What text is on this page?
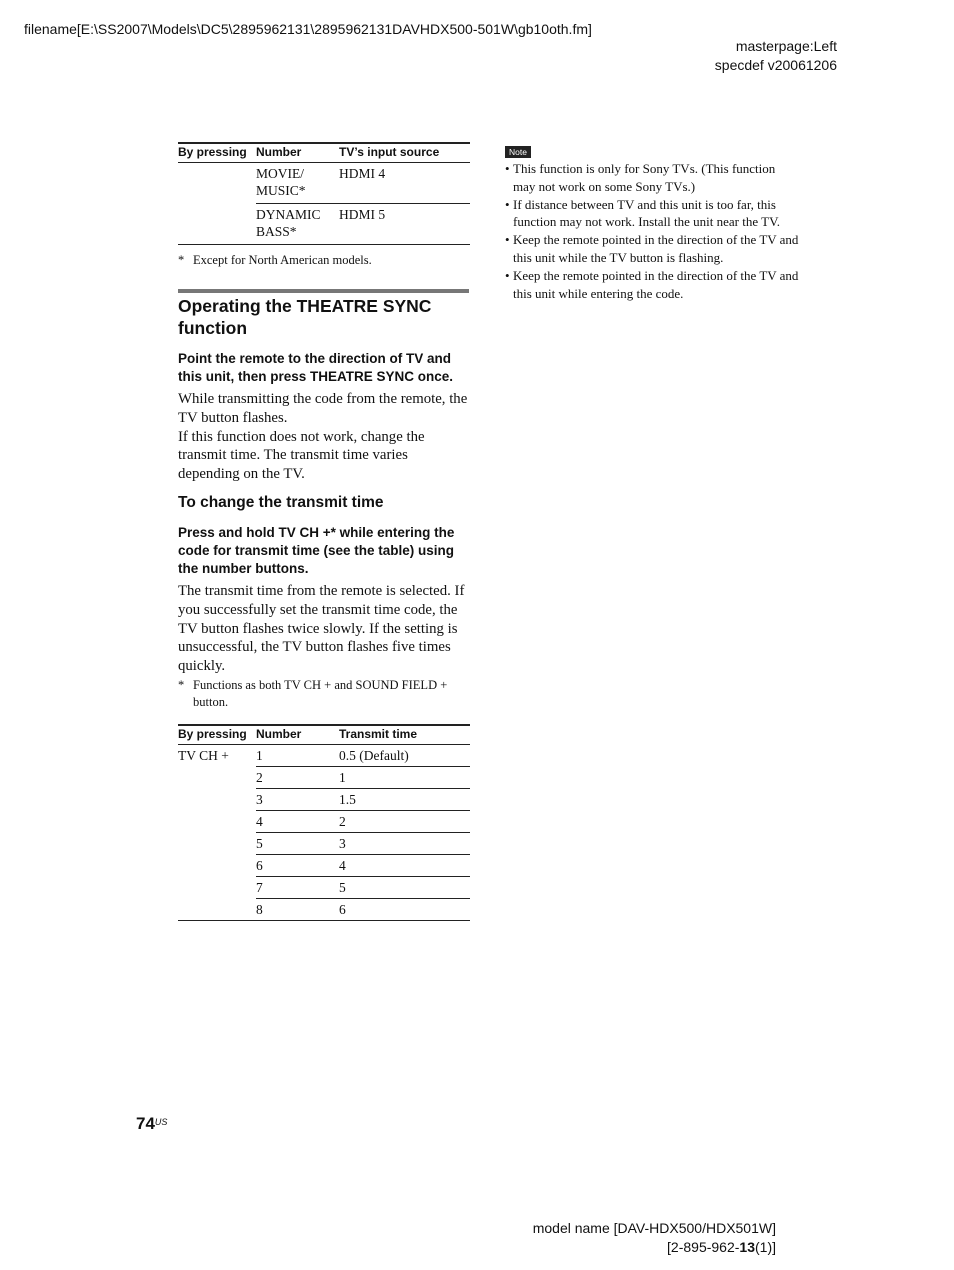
filename[E:\SS2007\Models\DC5\2895962131\2895962131DAVHDX500-501W\gb10oth.fm]
masterpage:Left
specdef v20061206
By pressing	Number	TV’s input source
	MOVIE/
MUSIC*	HDMI 4
	DYNAMIC
BASS*	HDMI 5
* Except for North American models.
Operating the THEATRE SYNC function
Point the remote to the direction of TV and this unit, then press THEATRE SYNC once.
While transmitting the code from the remote, the TV button flashes.
If this function does not work, change the transmit time. The transmit time varies depending on the TV.
To change the transmit time
Press and hold TV CH +* while entering the code for transmit time (see the table) using the number buttons.
The transmit time from the remote is selected. If you successfully set the transmit time code, the TV button flashes twice slowly. If the setting is unsuccessful, the TV button flashes five times quickly.
* Functions as both TV CH + and SOUND FIELD + button.
By pressing	Number	Transmit time
TV CH +	1	0.5 (Default)
	2	1
	3	1.5
	4	2
	5	3
	6	4
	7	5
	8	6
Note
• This function is only for Sony TVs. (This function may not work on some Sony TVs.)
• If distance between TV and this unit is too far, this function may not work. Install the unit near the TV.
• Keep the remote pointed in the direction of the TV and this unit while the TV button is flashing.
• Keep the remote pointed in the direction of the TV and this unit while entering the code.
$74^{US}$
model name [DAV-HDX500/HDX501W]
[2-895-962-13(1)]
